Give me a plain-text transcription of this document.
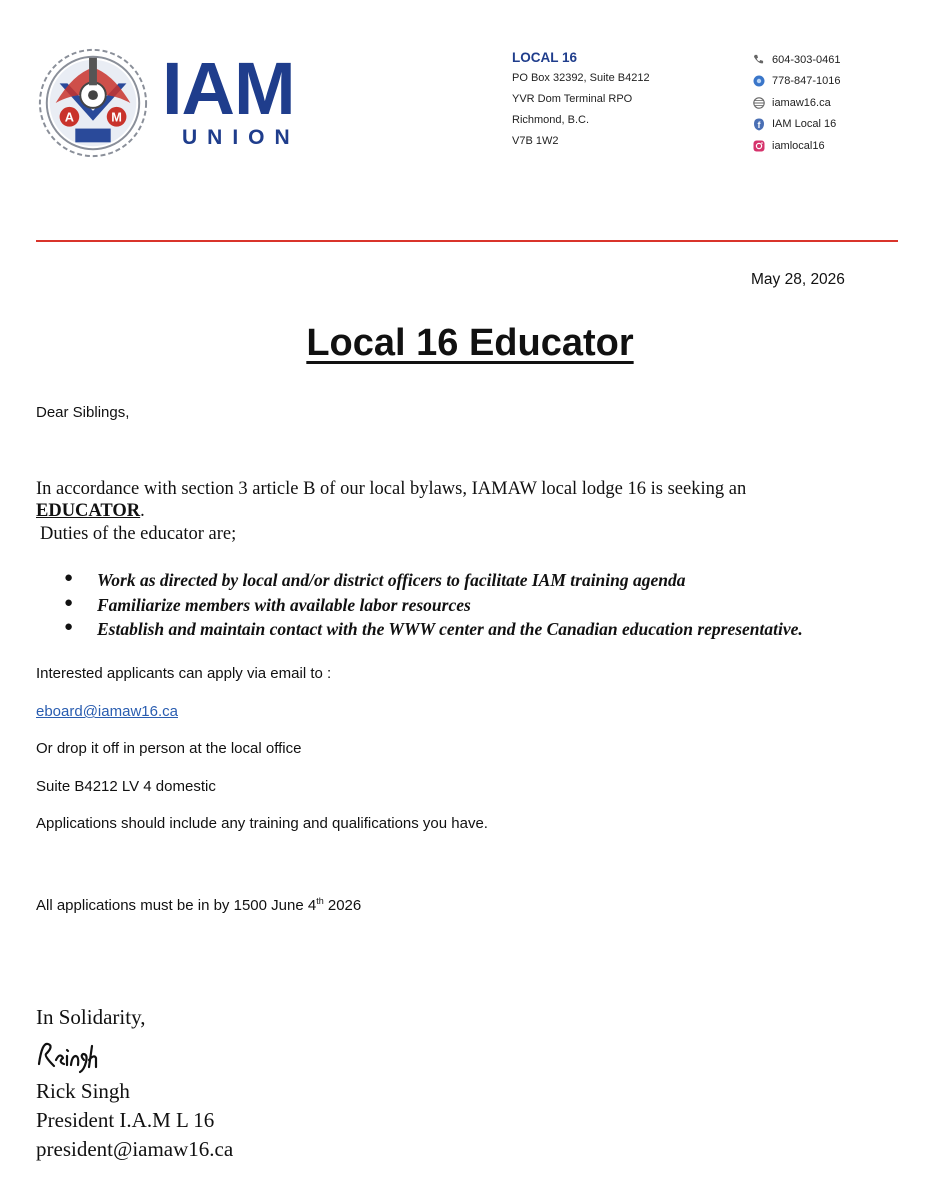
A	M IAM
UNION
LOCAL 16
PO Box 32392, Suite B4212
YVR Dom Terminal RPO
Richmond, B.C.
V7B 1W2
604-303-0461
778-847-1016
iamaw16.ca
f IAM Local 16
iamlocal16
May 28, 2026
Local 16 Educator
Dear Siblings,
In accordance with section 3 article B of our local bylaws, IAMAW local lodge 16 is seeking an
EDUCATOR.
Duties of the educator are;
●	Work as directed by local and/or district officers to facilitate IAM training agenda
●	Familiarize members with available labor resources
●	Establish and maintain contact with the WWW center and the Canadian education representative.
Interested applicants can apply via email to :
eboard@iamaw16.ca
Or drop it off in person at the local office
Suite B4212 LV 4 domestic
Applications should include any training and qualifications you have.
All applications must be in by 1500 June 4th 2026
In Solidarity,
Rick Singh
President I.A.M L 16
president@iamaw16.ca
